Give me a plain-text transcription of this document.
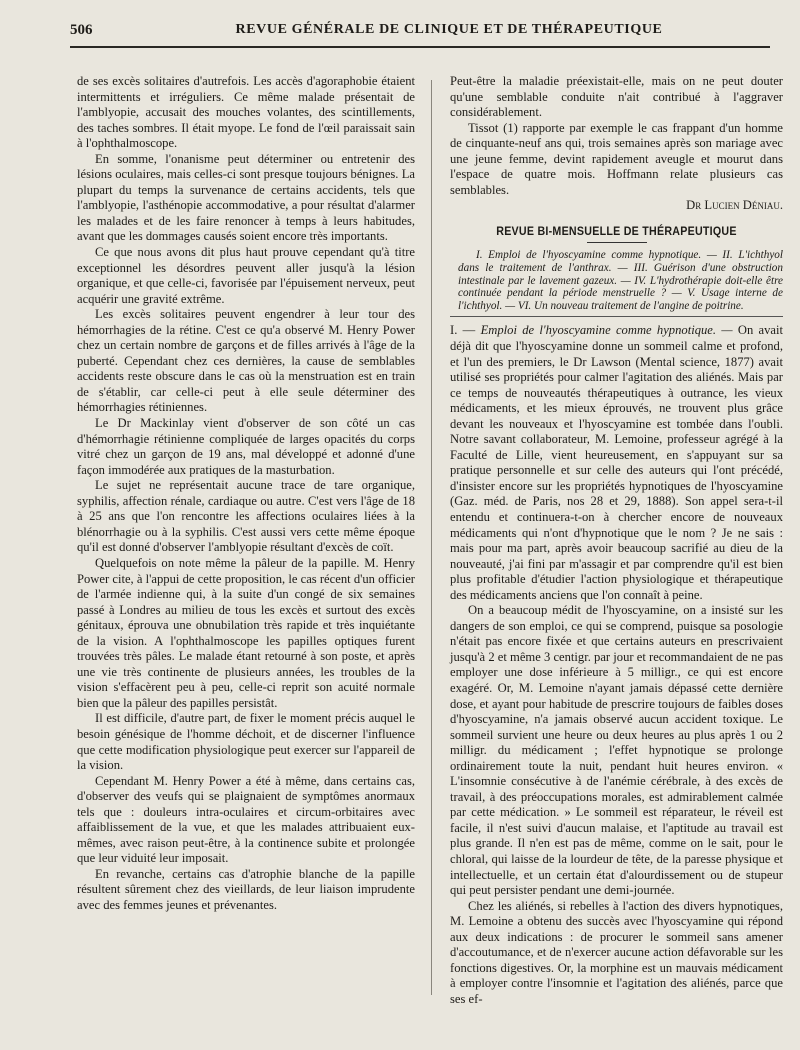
506	REVUE GÉNÉRALE DE CLINIQUE ET DE THÉRAPEUTIQUE

de ses excès solitaires d'autrefois. Les accès d'agoraphobie étaient intermittents et irréguliers. Ce même malade présentait de l'amblyopie, accusait des mouches volantes, des scintillements, des taches sombres. Il était myope. Le fond de l'œil paraissait sain à l'ophthalmoscope.

En somme, l'onanisme peut déterminer ou entretenir des lésions oculaires, mais celles-ci sont presque toujours bénignes. La plupart du temps la survenance de certains accidents, tels que l'amblyopie, l'asthénopie accommodative, a pour résultat d'alarmer les malades et de les faire renoncer à temps à leurs habitudes, avant que les dommages causés soient encore très importants.

Ce que nous avons dit plus haut prouve cependant qu'à titre exceptionnel les désordres peuvent aller jusqu'à la lésion organique, et que celle-ci, favorisée par l'épuisement nerveux, peut acquérir une gravité extrême.

Les excès solitaires peuvent engendrer à leur tour des hémorrhagies de la rétine. C'est ce qu'a observé M. Henry Power chez un certain nombre de garçons et de filles arrivés à l'âge de la puberté. Cependant chez ces dernières, la cause de semblables accidents reste obscure dans le cas où la menstruation est en train de s'établir, car celle-ci peut à elle seule déterminer des hémorrhagies rétiniennes.

Le Dr Mackinlay vient d'observer de son côté un cas d'hémorrhagie rétinienne compliquée de larges opacités du corps vitré chez un garçon de 19 ans, mal développé et adonné d'une façon immodérée aux pratiques de la masturbation.

Le sujet ne représentait aucune trace de tare organique, syphilis, affection rénale, cardiaque ou autre. C'est vers l'âge de 18 à 25 ans que l'on rencontre les affections oculaires liées à la blénorrhagie ou à la syphilis. C'est aussi vers cette même époque qu'il est donné d'observer l'amblyopie résultant d'excès de coït.

Quelquefois on note même la pâleur de la papille. M. Henry Power cite, à l'appui de cette proposition, le cas récent d'un officier de l'armée indienne qui, à la suite d'un congé de six semaines passé à Londres au milieu de tous les excès et surtout des excès génitaux, éprouva une obnubilation très rapide et très inquiétante de la vision. A l'ophthalmoscope les papilles optiques furent trouvées très pâles. Le malade étant retourné à son poste, et après une vie très continente de plusieurs années, les troubles de la vision s'effacèrent peu à peu, celle-ci reprit son acuité normale bien que la pâleur des papilles persistât.

Il est difficile, d'autre part, de fixer le moment précis auquel le besoin génésique de l'homme déchoit, et de discerner l'influence que cette modification physiologique peut exercer sur l'appareil de la vision.

Cependant M. Henry Power a été à même, dans certains cas, d'observer des veufs qui se plaignaient de symptômes anormaux tels que : douleurs intra-oculaires et circum-orbitaires avec affaiblissement de la vue, et que les malades attribuaient eux-mêmes, avec raison peut-être, à la continence subite et prolongée que leur viduité leur imposait.

En revanche, certains cas d'atrophie blanche de la papille résultent sûrement chez des vieillards, de leur liaison imprudente avec des femmes jeunes et prévenantes.

Peut-être la maladie préexistait-elle, mais on ne peut douter qu'une semblable conduite n'ait contribué à l'aggraver considérablement.

Tissot (1) rapporte par exemple le cas frappant d'un homme de cinquante-neuf ans qui, trois semaines après son mariage avec une jeune femme, devint rapidement aveugle et mourut dans l'espace de quatre mois. Hoffmann relate plusieurs cas semblables.

Dr Lucien Déniau.

REVUE BI-MENSUELLE DE THÉRAPEUTIQUE

I. Emploi de l'hyoscyamine comme hypnotique. — II. L'ichthyol dans le traitement de l'anthrax. — III. Guérison d'une obstruction intestinale par le lavement gazeux. — IV. L'hydrothérapie doit-elle être continuée pendant la période menstruelle ? — V. Usage interne de l'ichthyol. — VI. Un nouveau traitement de l'angine de poitrine.

I. — Emploi de l'hyoscyamine comme hypnotique. — On avait déjà dit que l'hyoscyamine donne un sommeil calme et profond, et l'un des premiers, le Dr Lawson (Mental science, 1877) avait utilisé ses propriétés pour calmer l'agitation des aliénés. Mais par ce temps de nouveautés thérapeutiques à outrance, les vieux médicaments, et les mieux éprouvés, ne trouvent plus grâce devant les nouveaux et l'hyoscyamine est tombée dans l'oubli. Notre savant collaborateur, M. Lemoine, professeur agrégé à la Faculté de Lille, vient heureusement, en s'appuyant sur sa pratique personnelle et sur celle des auteurs qui l'ont précédé, d'insister encore sur les propriétés hypnotiques de l'hyoscyamine (Gaz. méd. de Paris, nos 28 et 29, 1888). Son appel sera-t-il entendu et continuera-t-on à chercher encore de nouveaux médicaments qui n'ont d'hypnotique que le nom ? Je ne sais : mais pour ma part, après avoir beaucoup sacrifié au dieu de la nouveauté, j'ai fini par m'assagir et par comprendre qu'il est bien plus profitable d'étudier l'action physiologique et thérapeutique des médicaments anciens que l'on connaît à peine.

On a beaucoup médit de l'hyoscyamine, on a insisté sur les dangers de son emploi, ce qui se comprend, puisque sa posologie n'était pas encore fixée et que certains auteurs en prescrivaient jusqu'à 2 et même 3 centigr. par jour et recommandaient de ne pas employer une dose inférieure à 5 milligr., ce qui est encore exagéré. Or, M. Lemoine n'ayant jamais dépassé cette dernière dose, et ayant pour habitude de prescrire toujours de faibles doses d'hyoscyamine, n'a jamais observé aucun accident toxique. Le sommeil survient une heure ou deux heures au plus après 1 ou 2 milligr. du médicament ; l'effet hypnotique se prolonge ordinairement toute la nuit, pendant huit heures environ. « L'insomnie consécutive à de l'anémie cérébrale, à des excès de travail, à des préoccupations morales, est admirablement calmée par cette médication. » Le sommeil est réparateur, le réveil est facile, il n'est suivi d'aucun malaise, et l'aptitude au travail est plus grande. Il n'en est pas de même, comme on le sait, pour le chloral, qui laisse de la lourdeur de tête, de la paresse physique et intellectuelle, et un certain état d'alourdissement ou de stupeur qui peut persister pendant une demi-journée.

Chez les aliénés, si rebelles à l'action des divers hypnotiques, M. Lemoine a obtenu des succès avec l'hyoscyamine qui répond aux deux indications : de procurer le sommeil sans amener d'accoutumance, et de n'exercer aucune action défavorable sur les fonctions digestives. Or, la morphine est un mauvais médicament à employer contre l'insomnie et l'agitation des aliénés, parce que ses ef-
